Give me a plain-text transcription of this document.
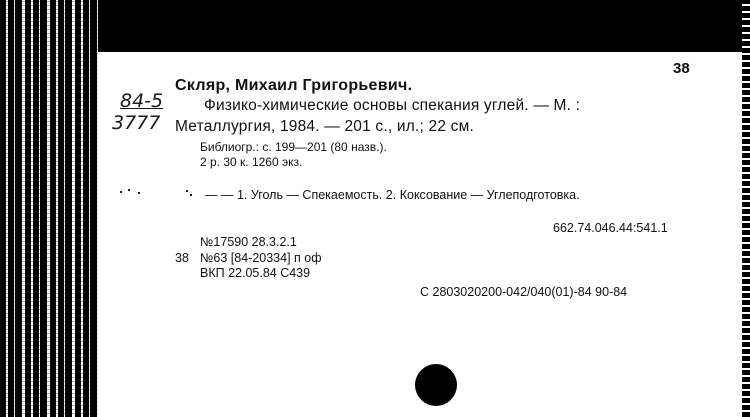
38
84-5
3777
Скляр, Михаил Григорьевич.
Физико-химические основы спекания углей. — М. :
Металлургия, 1984. — 201 с., ил.; 22 см.
Библиогр.: с. 199—201 (80 назв.).
2 р. 30 к. 1260 экз.
— — 1. Уголь — Спекаемость. 2. Коксование — Углеподготовка.
662.74.046.44:541.1
№17590 28.3.2.1
38 №63 [84-20334] п оф
ВКП 22.05.84 С439
С 2803020200-042/040(01)-84 90-84
